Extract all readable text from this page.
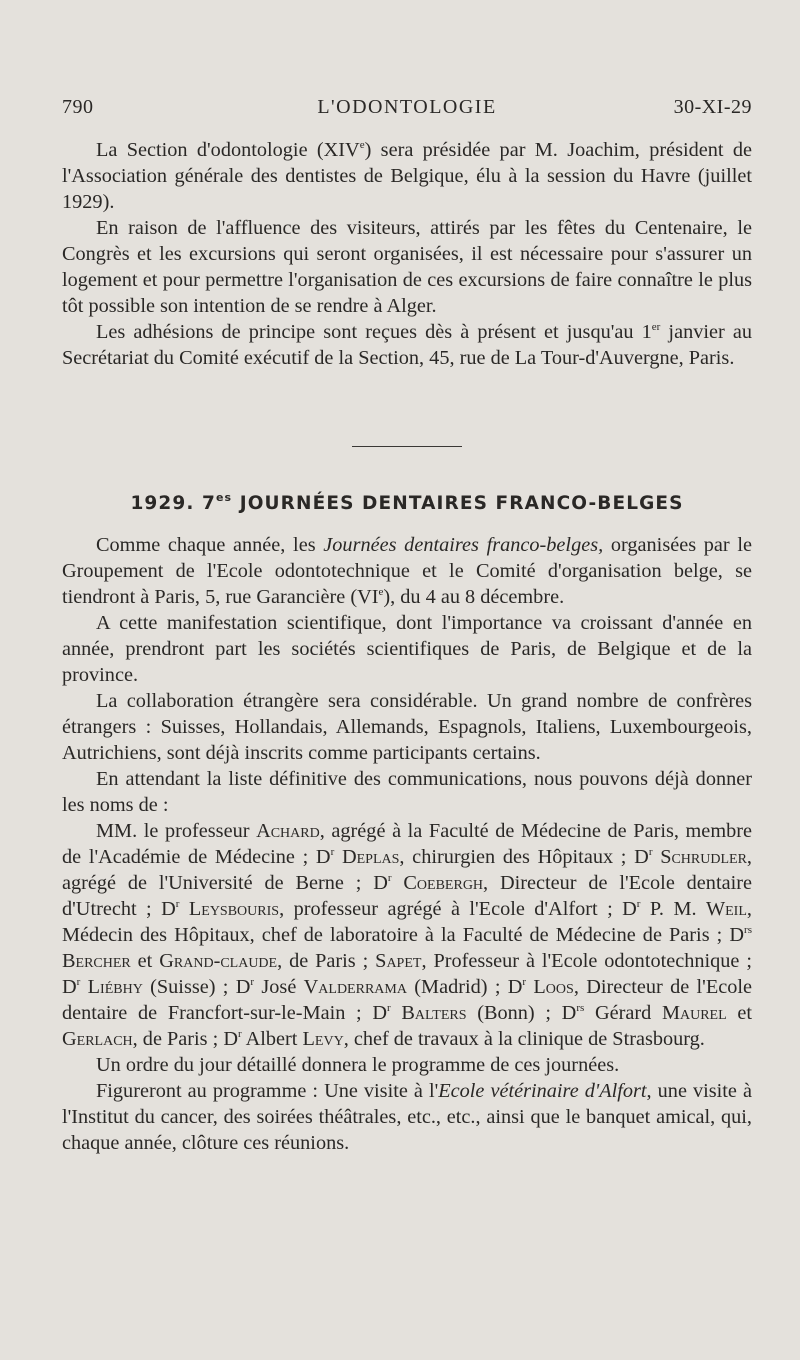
790	L'ODONTOLOGIE	30-XI-29

La Section d'odontologie (XIVe) sera présidée par M. Joachim, président de l'Association générale des dentistes de Belgique, élu à la session du Havre (juillet 1929).

En raison de l'affluence des visiteurs, attirés par les fêtes du Centenaire, le Congrès et les excursions qui seront organisées, il est nécessaire pour s'assurer un logement et pour permettre l'organisation de ces excursions de faire connaître le plus tôt possible son intention de se rendre à Alger.

Les adhésions de principe sont reçues dès à présent et jusqu'au 1er janvier au Secrétariat du Comité exécutif de la Section, 45, rue de La Tour-d'Auvergne, Paris.

1929. $7^{es}$ JOURNÉES DENTAIRES FRANCO-BELGES

Comme chaque année, les Journées dentaires franco-belges, organisées par le Groupement de l'Ecole odontotechnique et le Comité d'organisation belge, se tiendront à Paris, 5, rue Garancière (VIe), du 4 au 8 décembre.

A cette manifestation scientifique, dont l'importance va croissant d'année en année, prendront part les sociétés scientifiques de Paris, de Belgique et de la province.

La collaboration étrangère sera considérable. Un grand nombre de confrères étrangers : Suisses, Hollandais, Allemands, Espagnols, Italiens, Luxembourgeois, Autrichiens, sont déjà inscrits comme participants certains.

En attendant la liste définitive des communications, nous pouvons déjà donner les noms de :

MM. le professeur Achard, agrégé à la Faculté de Médecine de Paris, membre de l'Académie de Médecine ; $D^r$ Deplas, chirurgien des Hôpitaux ; $D^r$ Schrudler, agrégé de l'Université de Berne ; $D^r$ Coebergh, Directeur de l'Ecole dentaire d'Utrecht ; $D^r$ Leysbouris, professeur agrégé à l'Ecole d'Alfort ; $D^r$ P. M. Weil, Médecin des Hôpitaux, chef de laboratoire à la Faculté de Médecine de Paris ; $D^{rs}$ Bercher et Grand-claude, de Paris ; Sapet, Professeur à l'Ecole odontotechnique ; $D^r$ Liébhy (Suisse) ; $D^r$ José Valderrama (Madrid) ; $D^r$ Loos, Directeur de l'Ecole dentaire de Francfort-sur-le-Main ; $D^r$ Balters (Bonn) ; $D^{rs}$ Gérard Maurel et Gerlach, de Paris ; $D^r$ Albert Levy, chef de travaux à la clinique de Strasbourg.

Un ordre du jour détaillé donnera le programme de ces journées.

Figureront au programme : Une visite à l'Ecole vétérinaire d'Alfort, une visite à l'Institut du cancer, des soirées théâtrales, etc., etc., ainsi que le banquet amical, qui, chaque année, clôture ces réunions.
